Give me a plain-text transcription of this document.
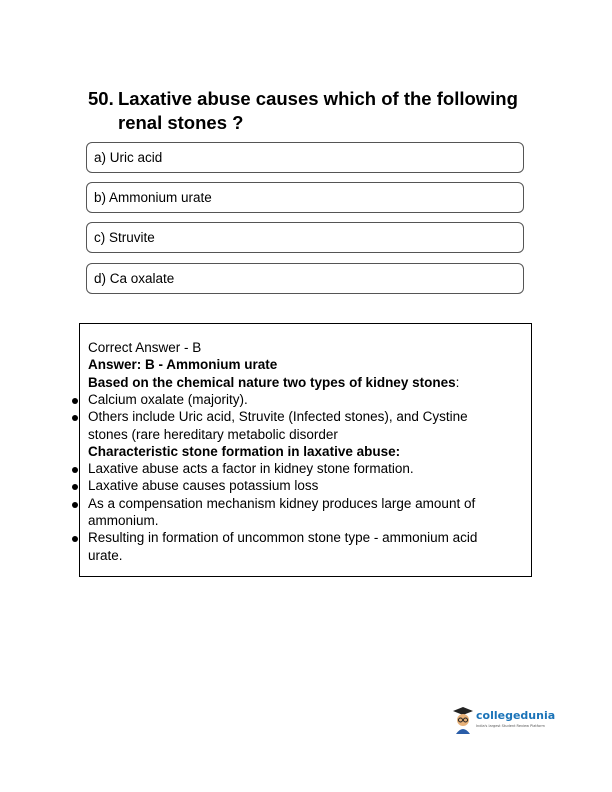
50. Laxative abuse causes which of the following renal stones ?
a) Uric acid
b) Ammonium urate
c) Struvite
d) Ca oxalate
Correct Answer - B
Answer: B - Ammonium urate
Based on the chemical nature two types of kidney stones:
Calcium oxalate (majority).
Others include Uric acid, Struvite (Infected stones), and Cystine
stones (rare hereditary metabolic disorder
Characteristic stone formation in laxative abuse:
Laxative abuse acts a factor in kidney stone formation.
Laxative abuse causes potassium loss
As a compensation mechanism kidney produces large amount of
ammonium.
Resulting in formation of uncommon stone type - ammonium acid
urate.
collegedunia
India's largest Student Review Platform
